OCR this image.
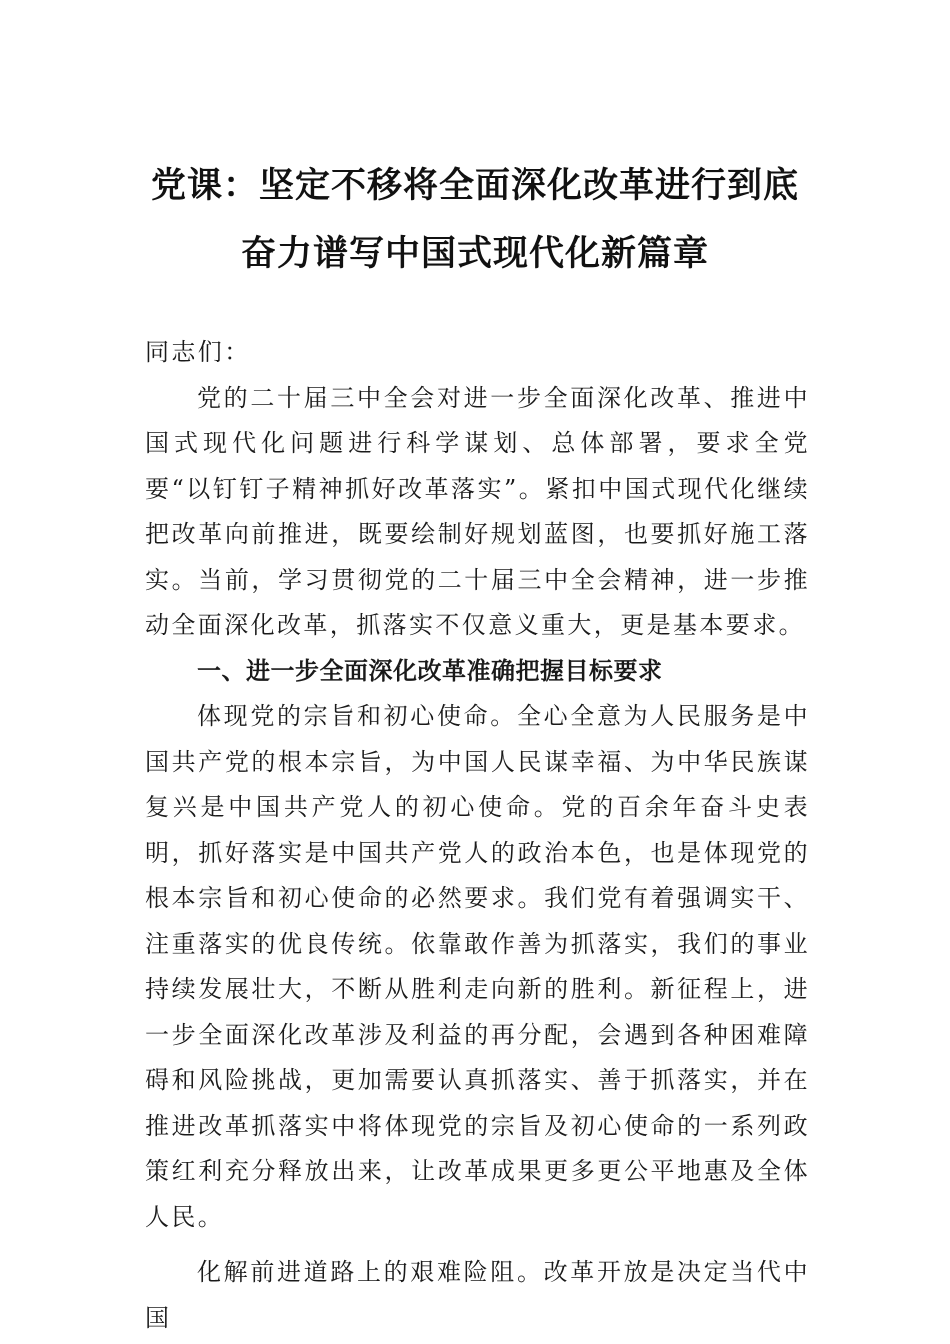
党课：坚定不移将全面深化改革进行到底
奋力谱写中国式现代化新篇章

同志们：

党的二十届三中全会对进一步全面深化改革、推进中国式现代化问题进行科学谋划、总体部署，要求全党要“以钉钉子精神抓好改革落实”。紧扣中国式现代化继续把改革向前推进，既要绘制好规划蓝图，也要抓好施工落实。当前，学习贯彻党的二十届三中全会精神，进一步推动全面深化改革，抓落实不仅意义重大，更是基本要求。

一、进一步全面深化改革准确把握目标要求

体现党的宗旨和初心使命。全心全意为人民服务是中国共产党的根本宗旨，为中国人民谋幸福、为中华民族谋复兴是中国共产党人的初心使命。党的百余年奋斗史表明，抓好落实是中国共产党人的政治本色，也是体现党的根本宗旨和初心使命的必然要求。我们党有着强调实干、注重落实的优良传统。依靠敢作善为抓落实，我们的事业持续发展壮大，不断从胜利走向新的胜利。新征程上，进一步全面深化改革涉及利益的再分配，会遇到各种困难障碍和风险挑战，更加需要认真抓落实、善于抓落实，并在推进改革抓落实中将体现党的宗旨及初心使命的一系列政策红利充分释放出来，让改革成果更多更公平地惠及全体人民。

化解前进道路上的艰难险阻。改革开放是决定当代中国
